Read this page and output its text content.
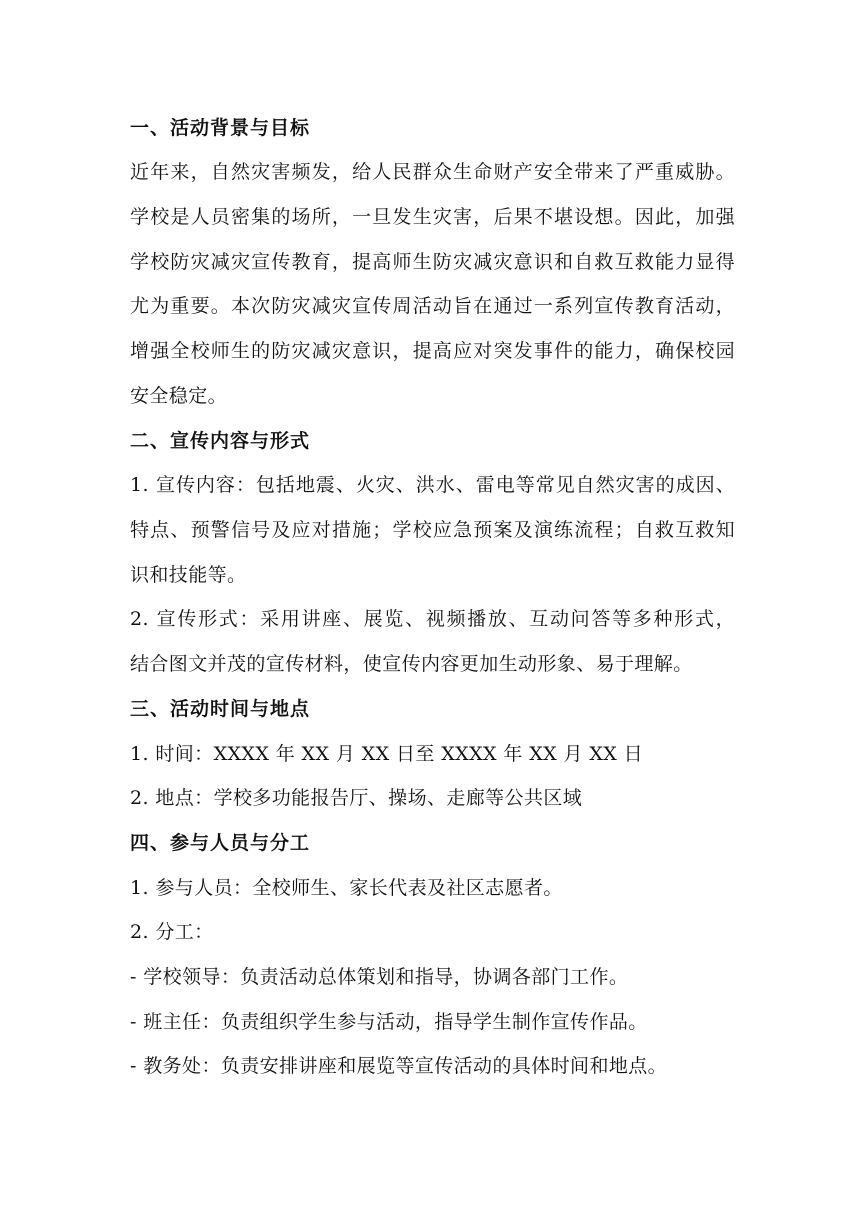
一、活动背景与目标
近年来，自然灾害频发，给人民群众生命财产安全带来了严重威胁。
学校是人员密集的场所，一旦发生灾害，后果不堪设想。因此，加强
学校防灾减灾宣传教育，提高师生防灾减灾意识和自救互救能力显得
尤为重要。本次防灾减灾宣传周活动旨在通过一系列宣传教育活动，
增强全校师生的防灾减灾意识，提高应对突发事件的能力，确保校园
安全稳定。
二、宣传内容与形式
1. 宣传内容：包括地震、火灾、洪水、雷电等常见自然灾害的成因、
特点、预警信号及应对措施；学校应急预案及演练流程；自救互救知
识和技能等。
2. 宣传形式：采用讲座、展览、视频播放、互动问答等多种形式，
结合图文并茂的宣传材料，使宣传内容更加生动形象、易于理解。
三、活动时间与地点
1. 时间：XXXX 年 XX 月 XX 日至 XXXX 年 XX 月 XX 日
2. 地点：学校多功能报告厅、操场、走廊等公共区域
四、参与人员与分工
1. 参与人员：全校师生、家长代表及社区志愿者。
2. 分工：
- 学校领导：负责活动总体策划和指导，协调各部门工作。
- 班主任：负责组织学生参与活动，指导学生制作宣传作品。
- 教务处：负责安排讲座和展览等宣传活动的具体时间和地点。
